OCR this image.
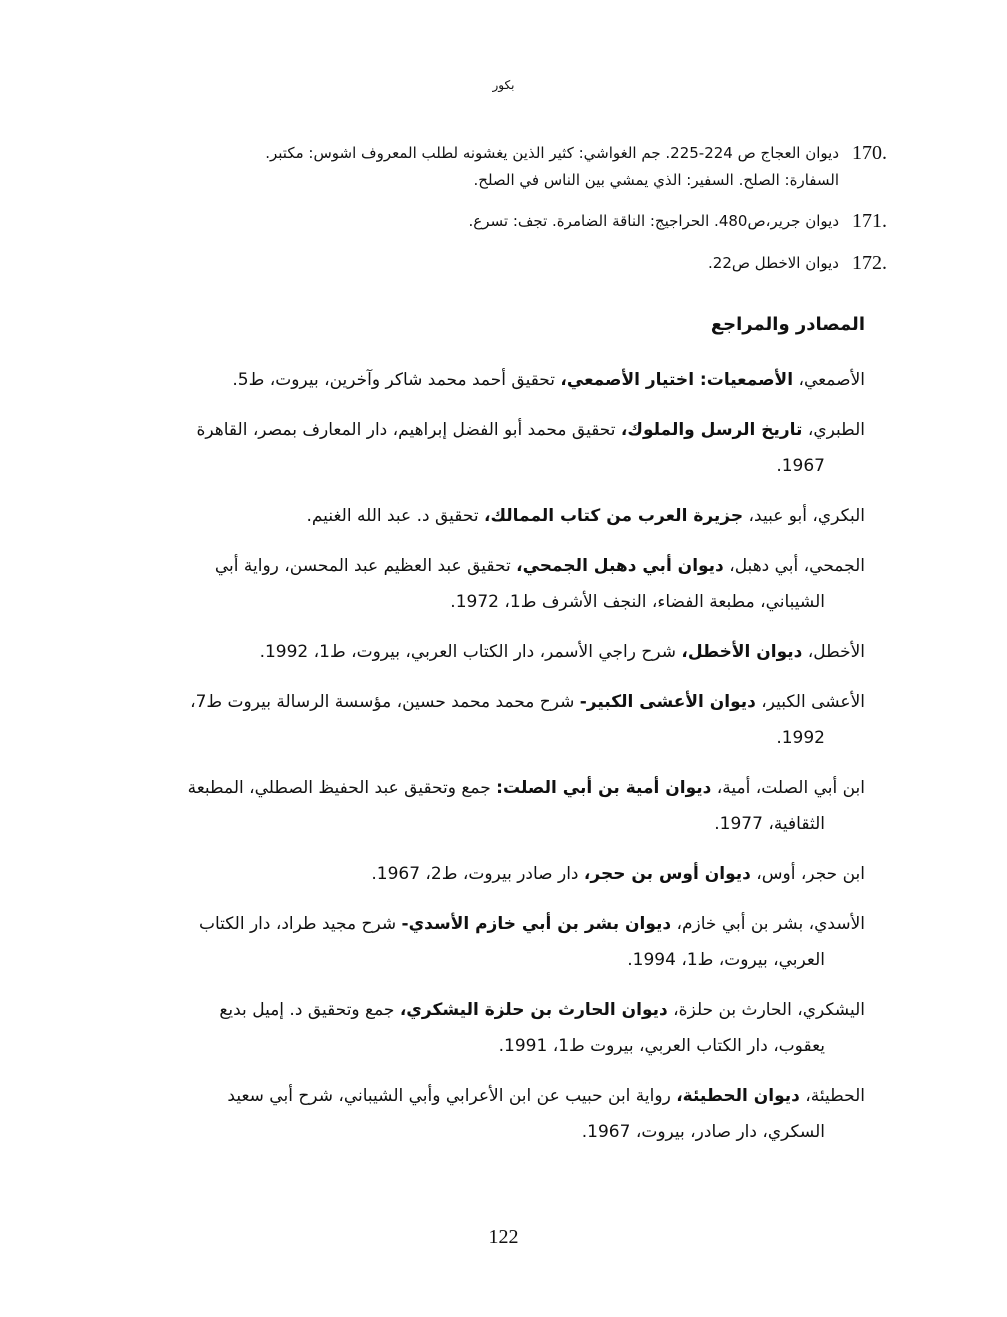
بكور
170.
ديوان العجاج ص 224-225. جم الغواشي: كثير الذين يغشونه لطلب المعروف اشوس: مكتبر.
السفارة: الصلح. السفير: الذي يمشي بين الناس في الصلح.
171.
ديوان جرير،ص480. الحراجيج: الناقة الضامرة. تجف: تسرع.
172.
ديوان الاخطل ص22.
المصادر والمراجع
الأصمعي، الأصمعيات: اختيار الأصمعي، تحقيق أحمد محمد شاكر وآخرين، بيروت، ط5.
الطبري، تاريخ الرسل والملوك، تحقيق محمد أبو الفضل إبراهيم، دار المعارف بمصر، القاهرة
1967.
البكري، أبو عبيد، جزيرة العرب من كتاب الممالك، تحقيق د. عبد الله الغنيم.
الجمحي، أبي دهبل، ديوان أبي دهبل الجمحي، تحقيق عبد العظيم عبد المحسن، رواية أبي
الشيباني، مطبعة الفضاء، النجف الأشرف ط1، 1972.
الأخطل، ديوان الأخطل، شرح راجي الأسمر، دار الكتاب العربي، بيروت، ط1، 1992.
الأعشى الكبير، ديوان الأعشى الكبير- شرح محمد محمد حسين، مؤسسة الرسالة بيروت ط7،
1992.
ابن أبي الصلت، أمية، ديوان أمية بن أبي الصلت: جمع وتحقيق عبد الحفيظ الصطلي، المطبعة
الثقافية، 1977.
ابن حجر، أوس، ديوان أوس بن حجر، دار صادر بيروت، ط2، 1967.
الأسدي، بشر بن أبي خازم، ديوان بشر بن أبي خازم الأسدي- شرح مجيد طراد، دار الكتاب
العربي، بيروت، ط1، 1994.
اليشكري، الحارث بن حلزة، ديوان الحارث بن حلزة اليشكري، جمع وتحقيق د. إميل بديع
يعقوب، دار الكتاب العربي، بيروت ط1، 1991.
الحطيئة، ديوان الحطيئة، رواية ابن حبيب عن ابن الأعرابي وأبي الشيباني، شرح أبي سعيد
السكري، دار صادر، بيروت، 1967.
122
